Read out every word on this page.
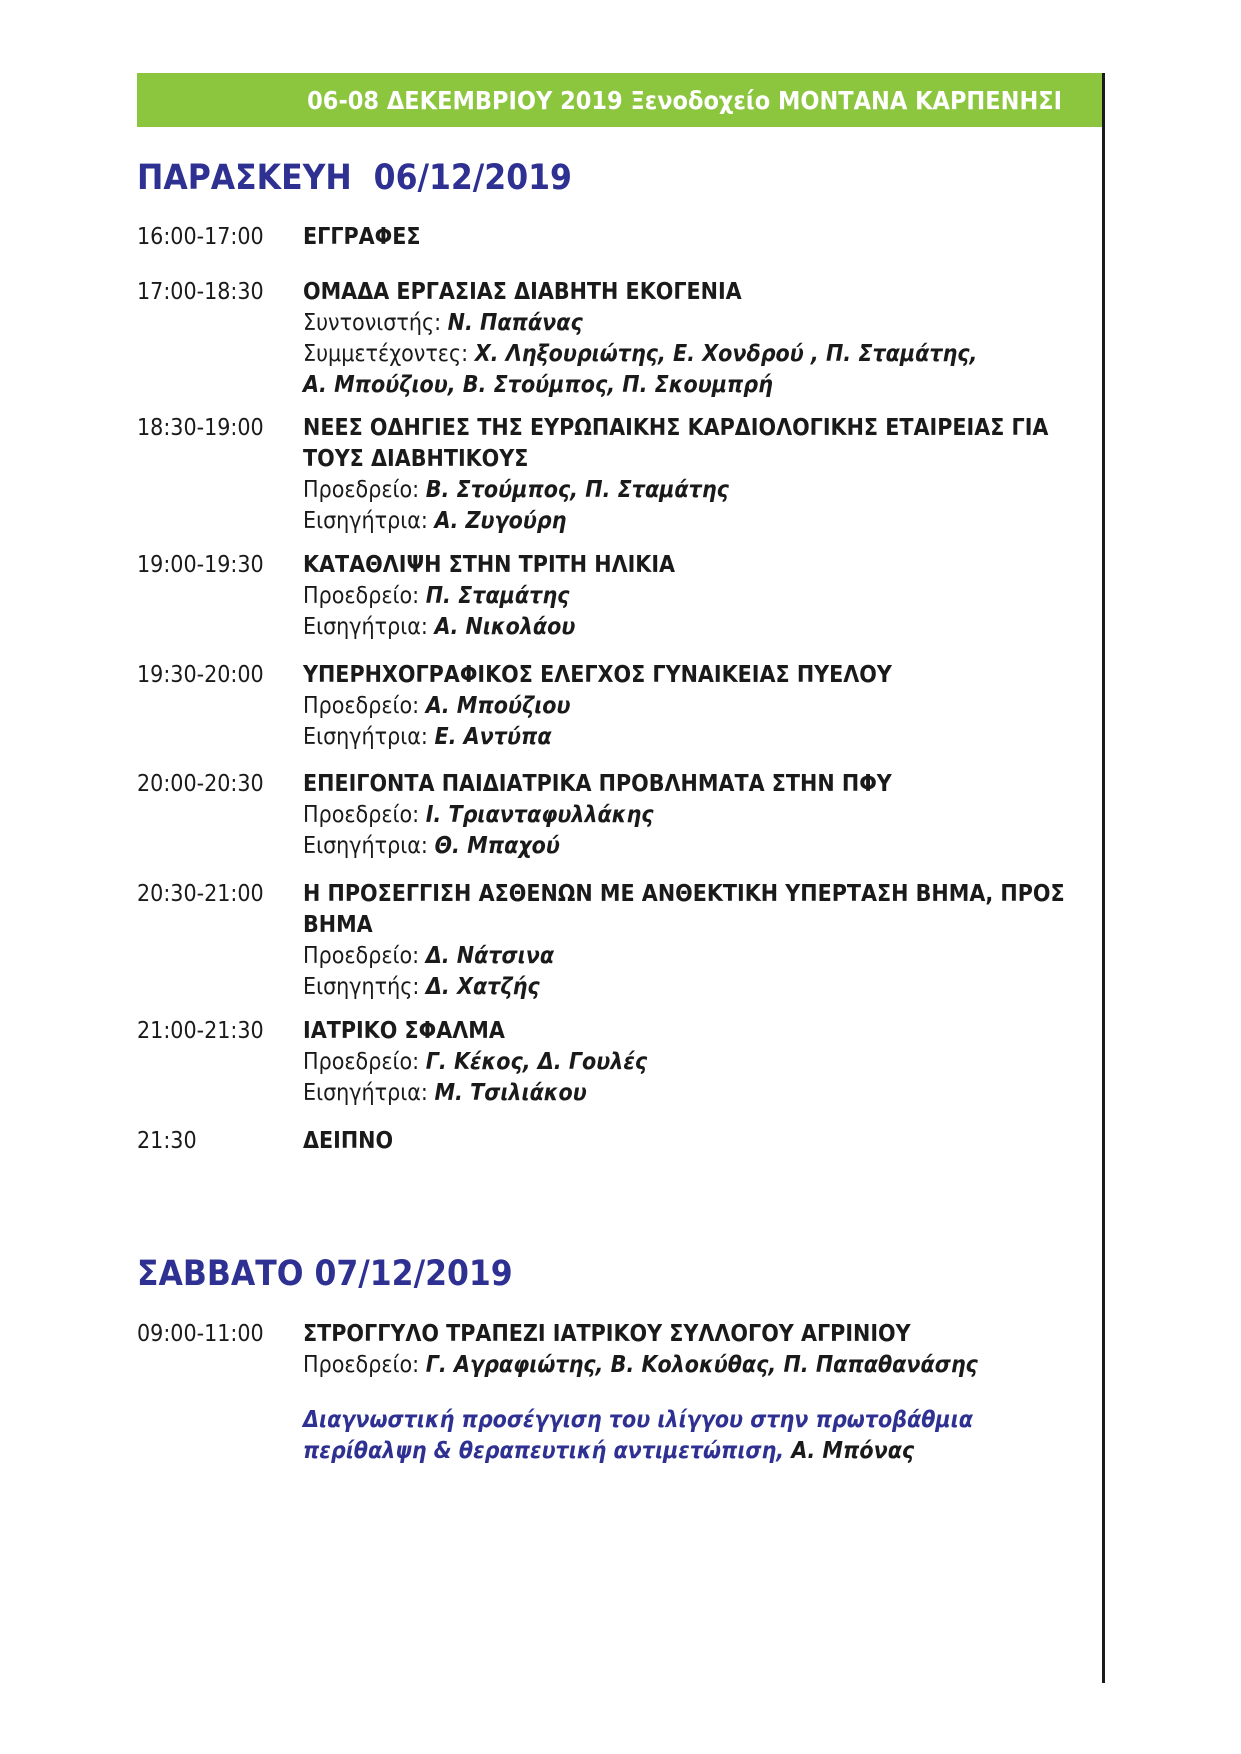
06-08 ΔΕΚΕΜΒΡΙΟΥ 2019 Ξενοδοχείο ΜΟΝΤΑΝΑ ΚΑΡΠΕΝΗΣΙ
ΠΑΡΑΣΚΕΥΗ  06/12/2019
16:00-17:00	ΕΓΓΡΑΦΕΣ
17:00-18:30	ΟΜΑΔΑ ΕΡΓΑΣΙΑΣ ΔΙΑΒΗΤΗ ΕΚΟΓΕΝΙΑ
Συντονιστής: Ν. Παπάνας
Συμμετέχοντες: Χ. Ληξουριώτης, Ε. Χονδρού , Π. Σταμάτης,
Α. Μπούζιου, Β. Στούμπος, Π. Σκουμπρή
18:30-19:00	ΝΕΕΣ ΟΔΗΓΙΕΣ ΤΗΣ ΕΥΡΩΠΑΙΚΗΣ ΚΑΡΔΙΟΛΟΓΙΚΗΣ ΕΤΑΙΡΕΙΑΣ ΓΙΑ
ΤΟΥΣ ΔΙΑΒΗΤΙΚΟΥΣ
Προεδρείο: Β. Στούμπος, Π. Σταμάτης
Εισηγήτρια: Α. Ζυγούρη
19:00-19:30	ΚΑΤΑΘΛΙΨΗ ΣΤΗΝ ΤΡΙΤΗ ΗΛΙΚΙΑ
Προεδρείο: Π. Σταμάτης
Εισηγήτρια: Α. Νικολάου
19:30-20:00	ΥΠΕΡΗΧΟΓΡΑΦΙΚΟΣ ΕΛΕΓΧΟΣ ΓΥΝΑΙΚΕΙΑΣ ΠΥΕΛΟΥ
Προεδρείο: Α. Μπούζιου
Εισηγήτρια: Ε. Αντύπα
20:00-20:30	ΕΠΕΙΓΟΝΤΑ ΠΑΙΔΙΑΤΡΙΚΑ ΠΡΟΒΛΗΜΑΤΑ ΣΤΗΝ ΠΦΥ
Προεδρείο: Ι. Τριανταφυλλάκης
Εισηγήτρια: Θ. Μπαχού
20:30-21:00	Η ΠΡΟΣΕΓΓΙΣΗ ΑΣΘΕΝΩΝ ΜΕ ΑΝΘΕΚΤΙΚΗ ΥΠΕΡΤΑΣΗ ΒΗΜΑ, ΠΡΟΣ
ΒΗΜΑ
Προεδρείο: Δ. Νάτσινα
Εισηγητής: Δ. Χατζής
21:00-21:30	ΙΑΤΡΙΚΟ ΣΦΑΛΜΑ
Προεδρείο: Γ. Κέκος, Δ. Γουλές
Εισηγήτρια: Μ. Τσιλιάκου
21:30	ΔΕΙΠΝΟ
ΣΑΒΒΑΤΟ 07/12/2019
09:00-11:00	ΣΤΡΟΓΓΥΛΟ ΤΡΑΠΕΖΙ ΙΑΤΡΙΚΟΥ ΣΥΛΛΟΓΟΥ ΑΓΡΙΝΙΟΥ
Προεδρείο: Γ. Αγραφιώτης, Β. Κολοκύθας, Π. Παπαθανάσης
Διαγνωστική προσέγγιση του ιλίγγου στην πρωτοβάθμια
περίθαλψη & θεραπευτική αντιμετώπιση, Α. Μπόνας
